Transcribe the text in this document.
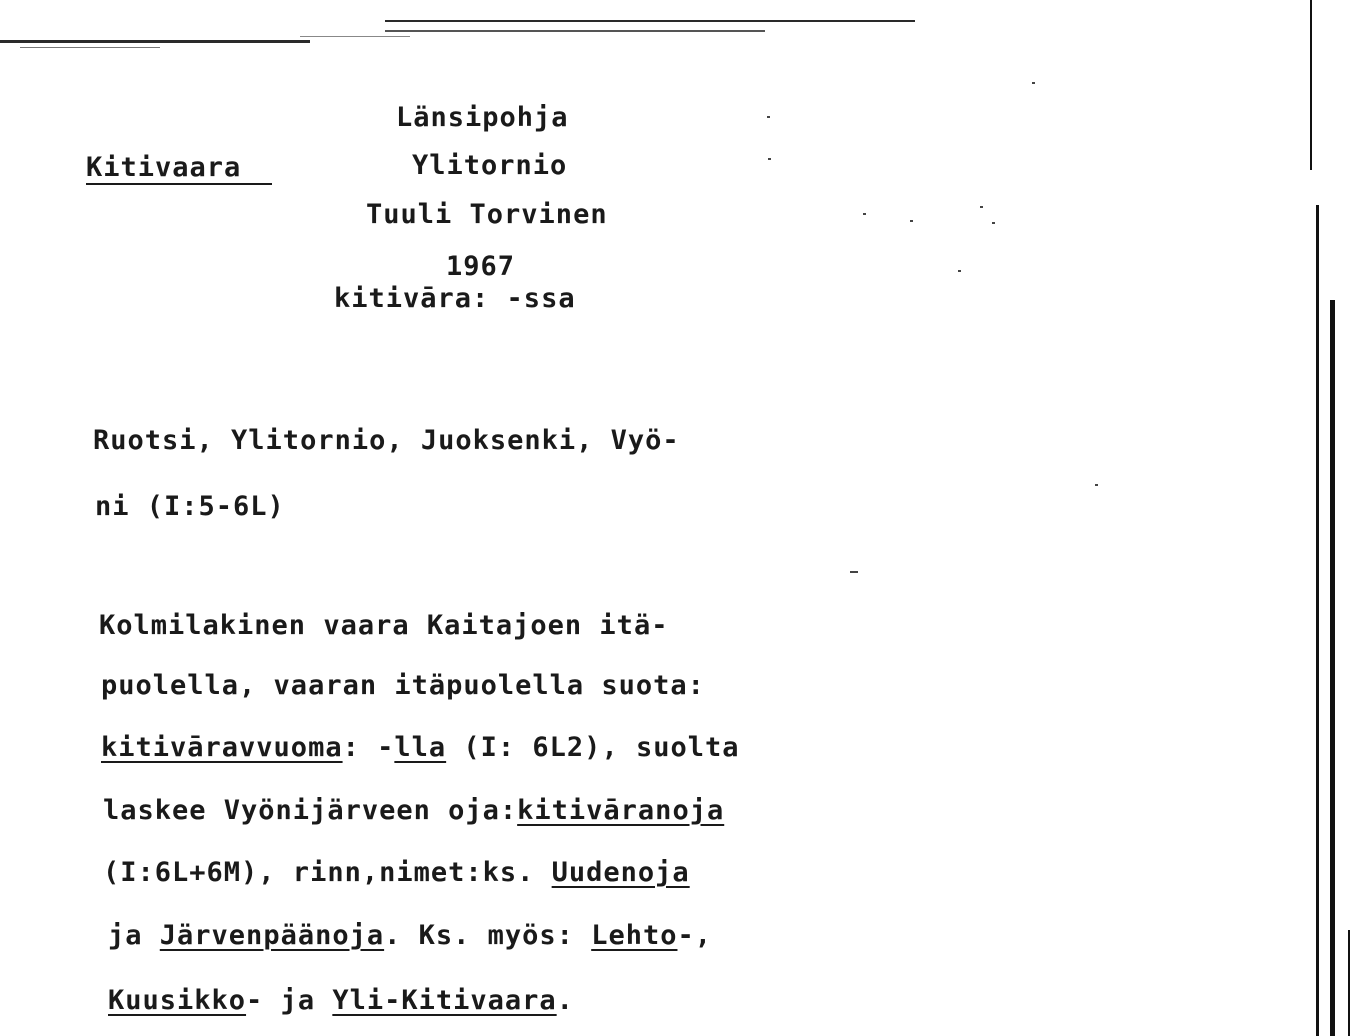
Kitivaara
Länsipohja
Ylitornio
Tuuli Torvinen
1967
kitivāra: -ssa
Ruotsi, Ylitornio, Juoksenki, Vyö-
ni (I:5-6L)
Kolmilakinen vaara Kaitajoen itä-
puolella, vaaran itäpuolella suota:
kitivāravvuoma: -lla (I: 6L2), suolta
laskee Vyönijärveen oja:kitivāranoja
(I:6L+6M), rinn,nimet:ks. Uudenoja
ja Järvenpäänoja. Ks. myös: Lehto-,
Kuusikko- ja Yli-Kitivaara.
